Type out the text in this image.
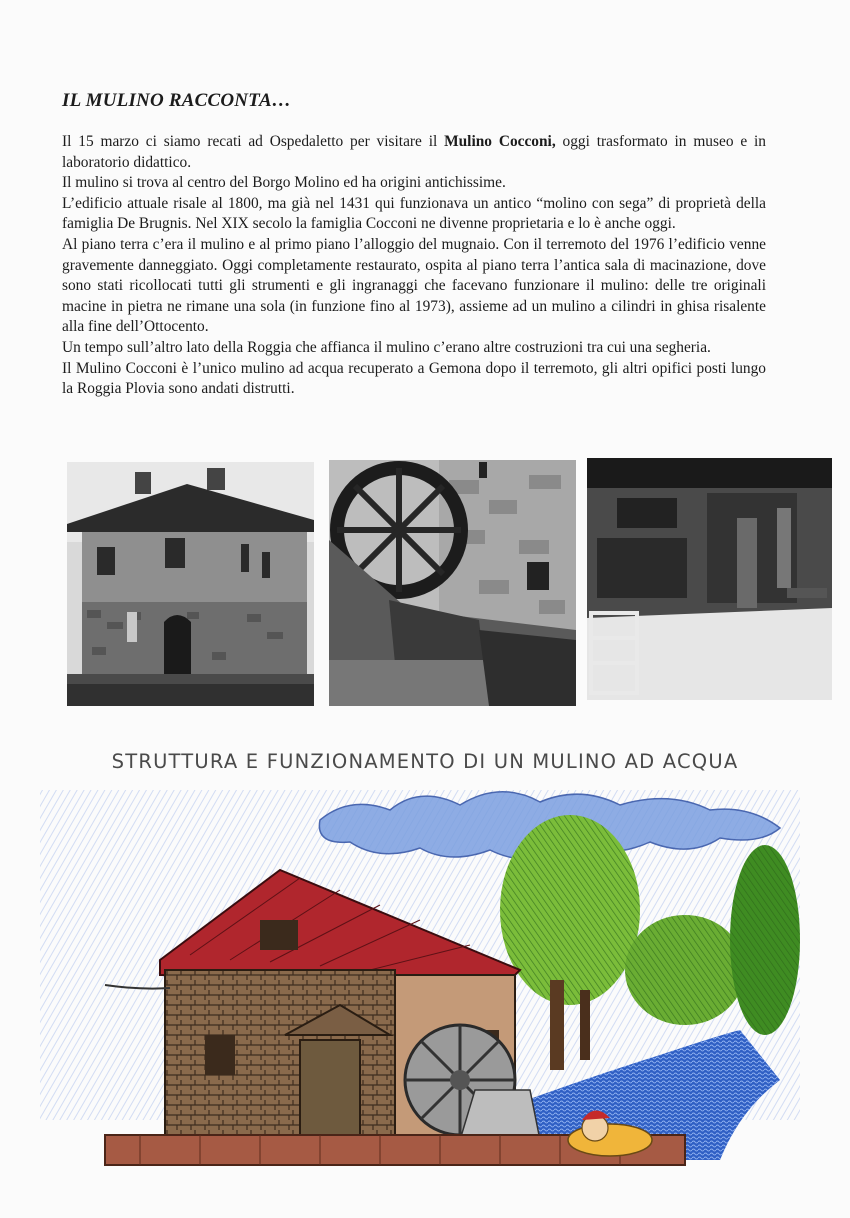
IL MULINO RACCONTA…

Il 15 marzo ci siamo recati ad Ospedaletto per visitare il Mulino Cocconi, oggi trasformato in museo e in laboratorio didattico.

Il mulino si trova al centro del Borgo Molino ed ha origini antichissime.

L’edificio attuale risale al 1800, ma già nel 1431 qui funzionava un antico “molino con sega” di proprietà della famiglia De Brugnis. Nel XIX secolo la famiglia Cocconi ne divenne proprietaria e lo è anche oggi.

Al piano terra c’era il mulino e al primo piano l’alloggio del mugnaio. Con il terremoto del 1976 l’edificio venne gravemente danneggiato. Oggi completamente restaurato, ospita al piano terra l’antica sala di macinazione, dove sono stati ricollocati tutti gli strumenti e gli ingranaggi che facevano funzionare il mulino: delle tre originali macine in pietra ne rimane una sola (in funzione fino al 1973), assieme ad un mulino a cilindri in ghisa risalente alla fine dell’Ottocento.

Un tempo sull’altro lato della Roggia che affianca il mulino c’erano altre costruzioni tra cui una segheria.

Il Mulino Cocconi è l’unico mulino ad acqua recuperato a Gemona dopo il terremoto, gli altri opifici posti lungo la Roggia Plovia sono andati distrutti.

STRUTTURA E FUNZIONAMENTO DI UN MULINO AD ACQUA
